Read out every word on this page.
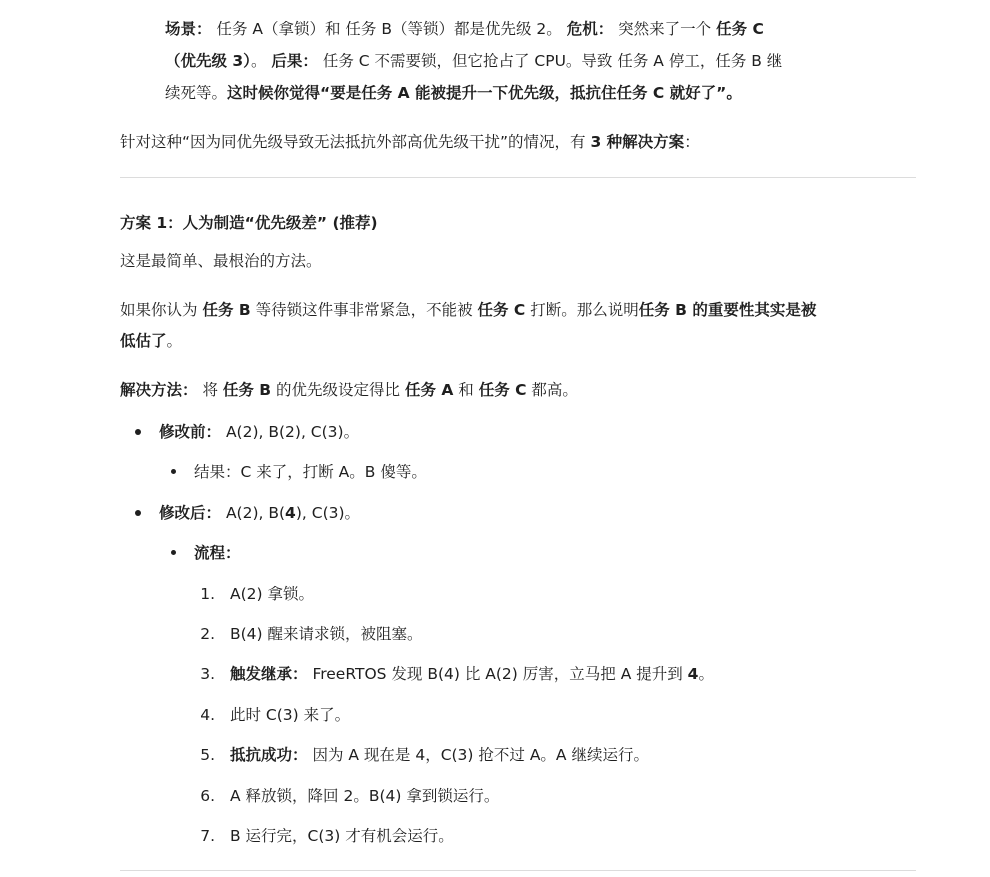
场景： 任务 A（拿锁）和 任务 B（等锁）都是优先级 2。 危机： 突然来了一个 任务 C
（优先级 3）。 后果： 任务 C 不需要锁，但它抢占了 CPU。导致 任务 A 停工，任务 B 继
续死等。这时候你觉得“要是任务 A 能被提升一下优先级，抵抗住任务 C 就好了”。
针对这种“因为同优先级导致无法抵抗外部高优先级干扰”的情况，有 3 种解决方案：
方案 1：人为制造“优先级差” (推荐)
这是最简单、最根治的方法。
如果你认为 任务 B 等待锁这件事非常紧急，不能被 任务 C 打断。那么说明任务 B 的重要性其实是被
低估了。
解决方法： 将 任务 B 的优先级设定得比 任务 A 和 任务 C 都高。
修改前： A(2), B(2), C(3)。
结果：C 来了，打断 A。B 傻等。
修改后： A(2), B(4), C(3)。
流程：
1. A(2) 拿锁。
2. B(4) 醒来请求锁，被阻塞。
3. 触发继承： FreeRTOS 发现 B(4) 比 A(2) 厉害，立马把 A 提升到 4。
4. 此时 C(3) 来了。
5. 抵抗成功： 因为 A 现在是 4，C(3) 抢不过 A。A 继续运行。
6. A 释放锁，降回 2。B(4) 拿到锁运行。
7. B 运行完，C(3) 才有机会运行。
